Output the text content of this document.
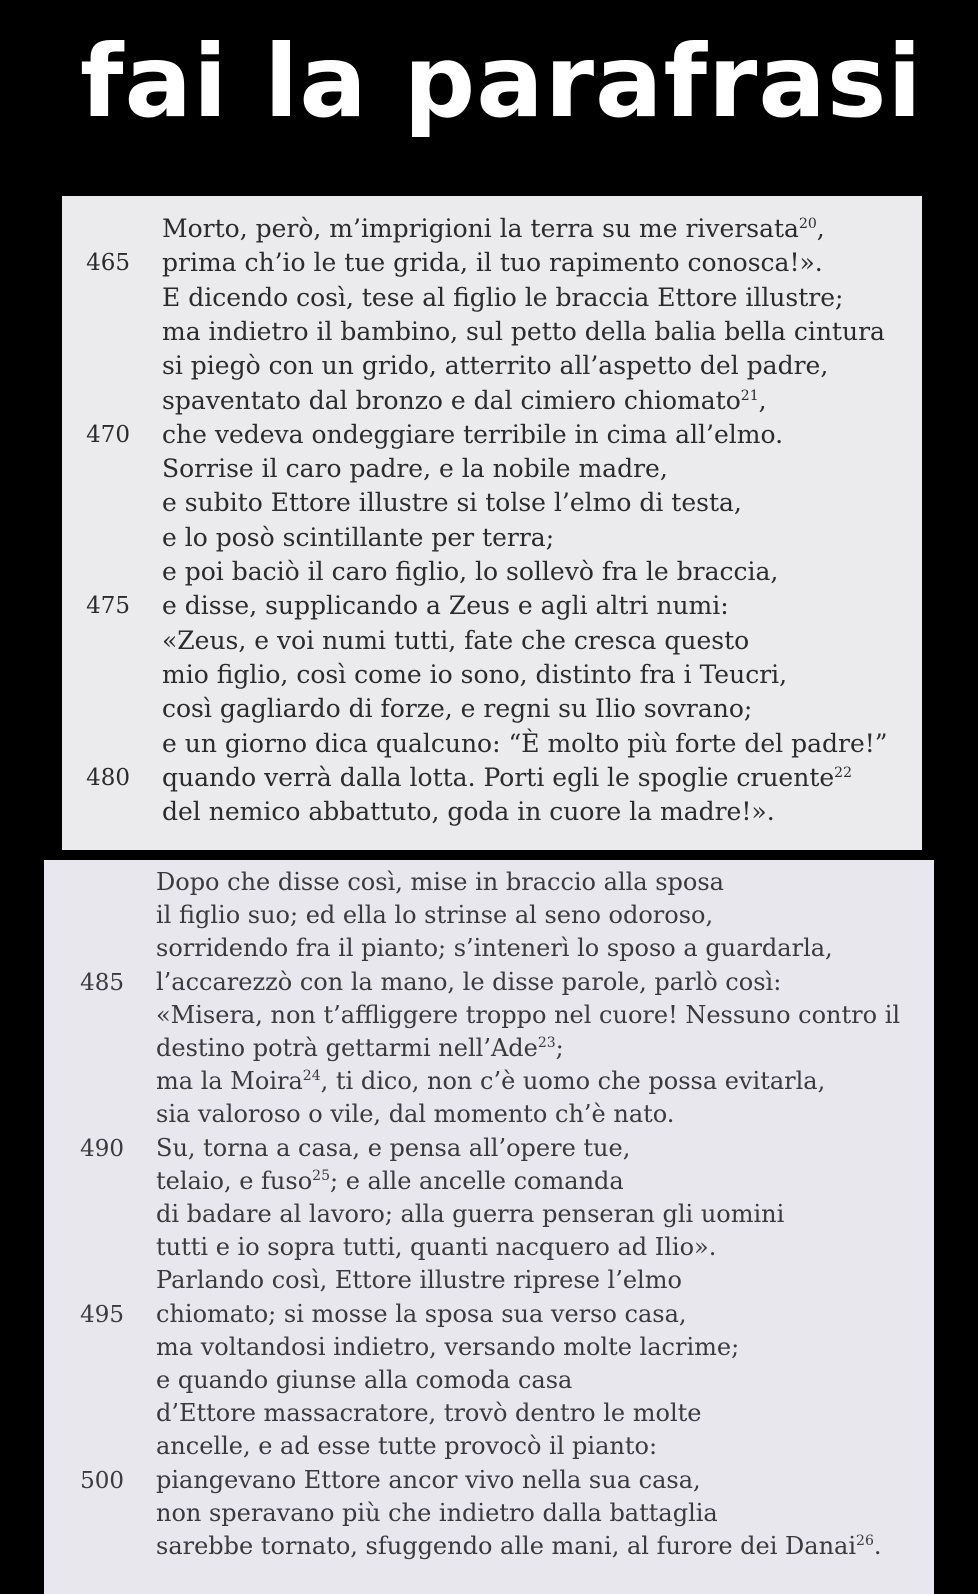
fai la parafrasi
Morto, però, m’imprigioni la terra su me riversata$^{20}$,
465 prima ch’io le tue grida, il tuo rapimento conosca!».
E dicendo così, tese al figlio le braccia Ettore illustre;
ma indietro il bambino, sul petto della balia bella cintura
si piegò con un grido, atterrito all’aspetto del padre,
spaventato dal bronzo e dal cimiero chiomato$^{21}$,
470 che vedeva ondeggiare terribile in cima all’elmo.
Sorrise il caro padre, e la nobile madre,
e subito Ettore illustre si tolse l’elmo di testa,
e lo posò scintillante per terra;
e poi baciò il caro figlio, lo sollevò fra le braccia,
475 e disse, supplicando a Zeus e agli altri numi:
«Zeus, e voi numi tutti, fate che cresca questo
mio figlio, così come io sono, distinto fra i Teucri,
così gagliardo di forze, e regni su Ilio sovrano;
e un giorno dica qualcuno: “È molto più forte del padre!”
480 quando verrà dalla lotta. Porti egli le spoglie cruente$^{22}$
del nemico abbattuto, goda in cuore la madre!».
Dopo che disse così, mise in braccio alla sposa
il figlio suo; ed ella lo strinse al seno odoroso,
sorridendo fra il pianto; s’intenerì lo sposo a guardarla,
485 l’accarezzò con la mano, le disse parole, parlò così:
«Misera, non t’affliggere troppo nel cuore! Nessuno contro il
destino potrà gettarmi nell’Ade$^{23}$;
ma la Moira$^{24}$, ti dico, non c’è uomo che possa evitarla,
sia valoroso o vile, dal momento ch’è nato.
490 Su, torna a casa, e pensa all’opere tue,
telaio, e fuso$^{25}$; e alle ancelle comanda
di badare al lavoro; alla guerra penseran gli uomini
tutti e io sopra tutti, quanti nacquero ad Ilio».
Parlando così, Ettore illustre riprese l’elmo
495 chiomato; si mosse la sposa sua verso casa,
ma voltandosi indietro, versando molte lacrime;
e quando giunse alla comoda casa
d’Ettore massacratore, trovò dentro le molte
ancelle, e ad esse tutte provocò il pianto:
500 piangevano Ettore ancor vivo nella sua casa,
non speravano più che indietro dalla battaglia
sarebbe tornato, sfuggendo alle mani, al furore dei Danai$^{26}$.
